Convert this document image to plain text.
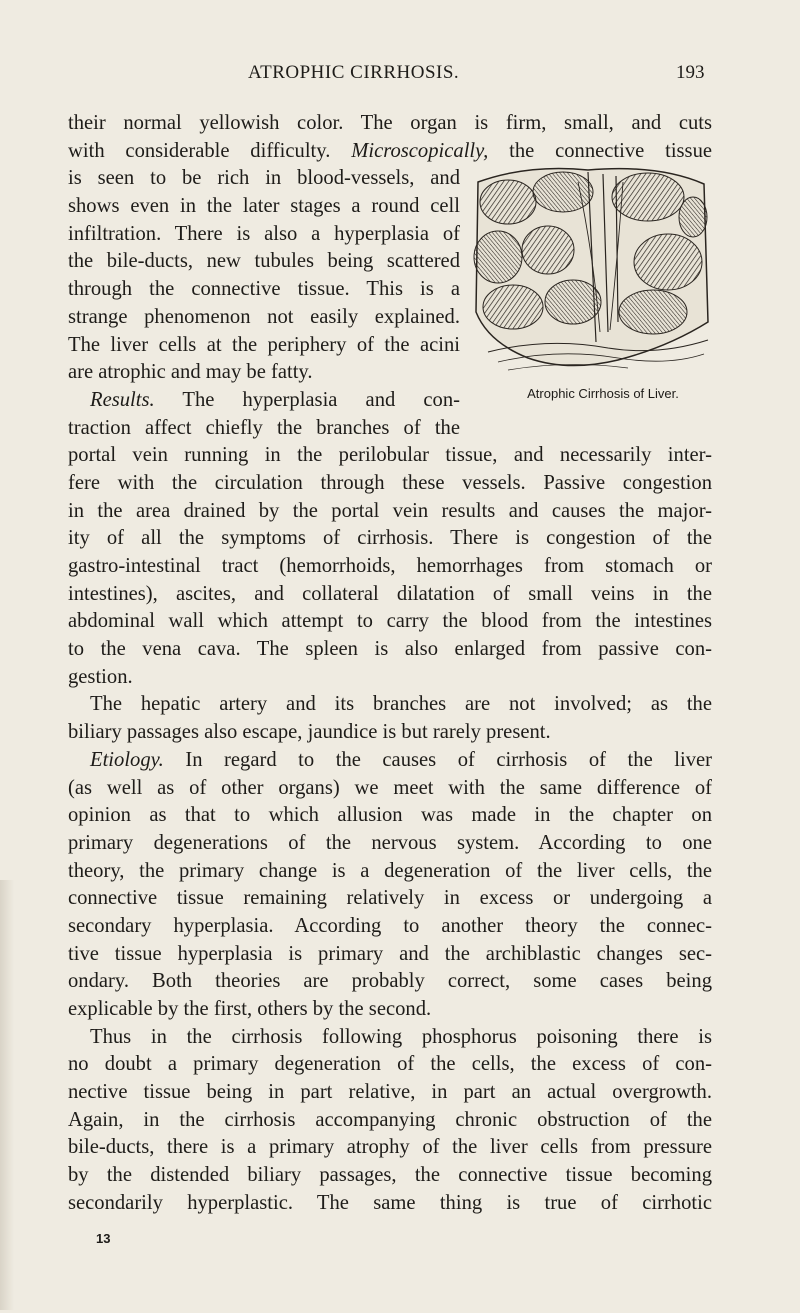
ATROPHIC CIRRHOSIS.	193
Atrophic Cirrhosis of Liver.
their normal yellowish color. The organ is firm, small, and cuts
with considerable difficulty. Microscopically, the connective tissue
is seen to be rich in blood-vessels, and
shows even in the later stages a round cell
infiltration. There is also a hyperplasia of
the bile-ducts, new tubules being scattered
through the connective tissue. This is a
strange phenomenon not easily explained.
The liver cells at the periphery of the acini
are atrophic and may be fatty.
Results. The hyperplasia and con-
traction affect chiefly the branches of the
portal vein running in the perilobular tissue, and necessarily inter-
fere with the circulation through these vessels. Passive congestion
in the area drained by the portal vein results and causes the major-
ity of all the symptoms of cirrhosis. There is congestion of the
gastro-intestinal tract (hemorrhoids, hemorrhages from stomach or
intestines), ascites, and collateral dilatation of small veins in the
abdominal wall which attempt to carry the blood from the intestines
to the vena cava. The spleen is also enlarged from passive con-
gestion.
The hepatic artery and its branches are not involved; as the
biliary passages also escape, jaundice is but rarely present.
Etiology. In regard to the causes of cirrhosis of the liver
(as well as of other organs) we meet with the same difference of
opinion as that to which allusion was made in the chapter on
primary degenerations of the nervous system. According to one
theory, the primary change is a degeneration of the liver cells, the
connective tissue remaining relatively in excess or undergoing a
secondary hyperplasia. According to another theory the connec-
tive tissue hyperplasia is primary and the archiblastic changes sec-
ondary. Both theories are probably correct, some cases being
explicable by the first, others by the second.
Thus in the cirrhosis following phosphorus poisoning there is
no doubt a primary degeneration of the cells, the excess of con-
nective tissue being in part relative, in part an actual overgrowth.
Again, in the cirrhosis accompanying chronic obstruction of the
bile-ducts, there is a primary atrophy of the liver cells from pressure
by the distended biliary passages, the connective tissue becoming
secondarily hyperplastic. The same thing is true of cirrhotic
13
